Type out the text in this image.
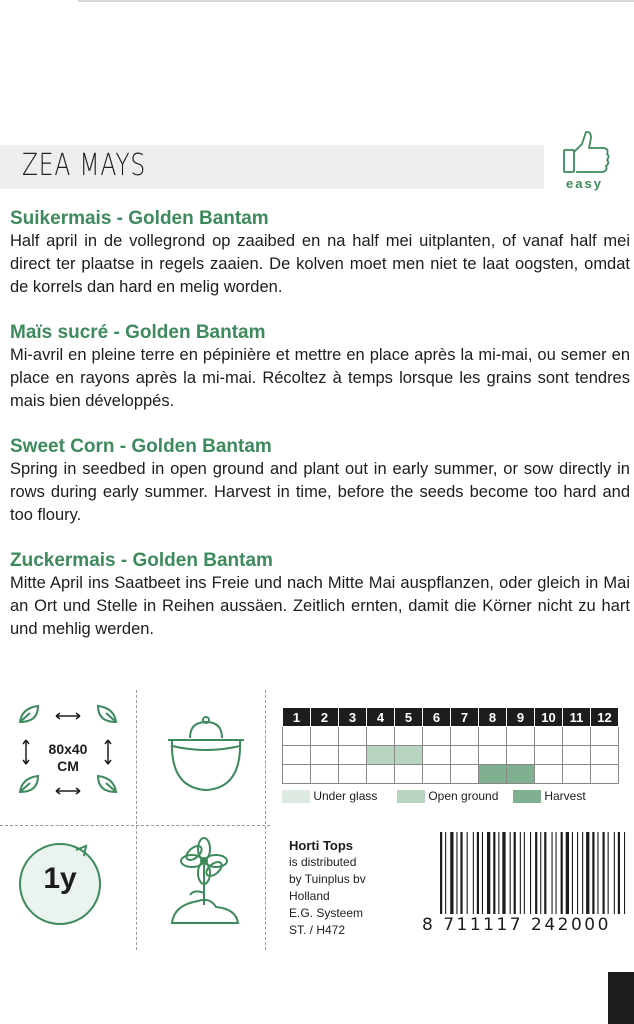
ZEA MAYS
easy
Suikermais - Golden Bantam

Half april in de vollegrond op zaaibed en na half mei uitplanten, of vanaf half mei direct ter plaatse in regels zaaien. De kolven moet men niet te laat oogsten, omdat de korrels dan hard en melig worden.

Maïs sucré - Golden Bantam

Mi-avril en pleine terre en pépinière et mettre en place après la mi-mai, ou semer en place en rayons après la mi-mai. Récoltez à temps lorsque les grains sont tendres mais bien développés.

Sweet Corn - Golden Bantam

Spring in seedbed in open ground and plant out in early summer, or sow directly in rows during early summer. Harvest in time, before the seeds become too hard and too floury.

Zuckermais - Golden Bantam

Mitte April ins Saatbeet ins Freie und nach Mitte Mai auspflanzen, oder gleich in Mai an Ort und Stelle in Reihen aussäen. Zeitlich ernten, damit die Körner nicht zu hart und mehlig werden.

80x40
CM
1y
1	2	3	4	5	6	7	8	9	10	11	12

Under glass	Open ground	Harvest
Horti Tops
is distributed
by Tuinplus bv
Holland
E.G. Systeem
ST. / H472	8 711117 242000
